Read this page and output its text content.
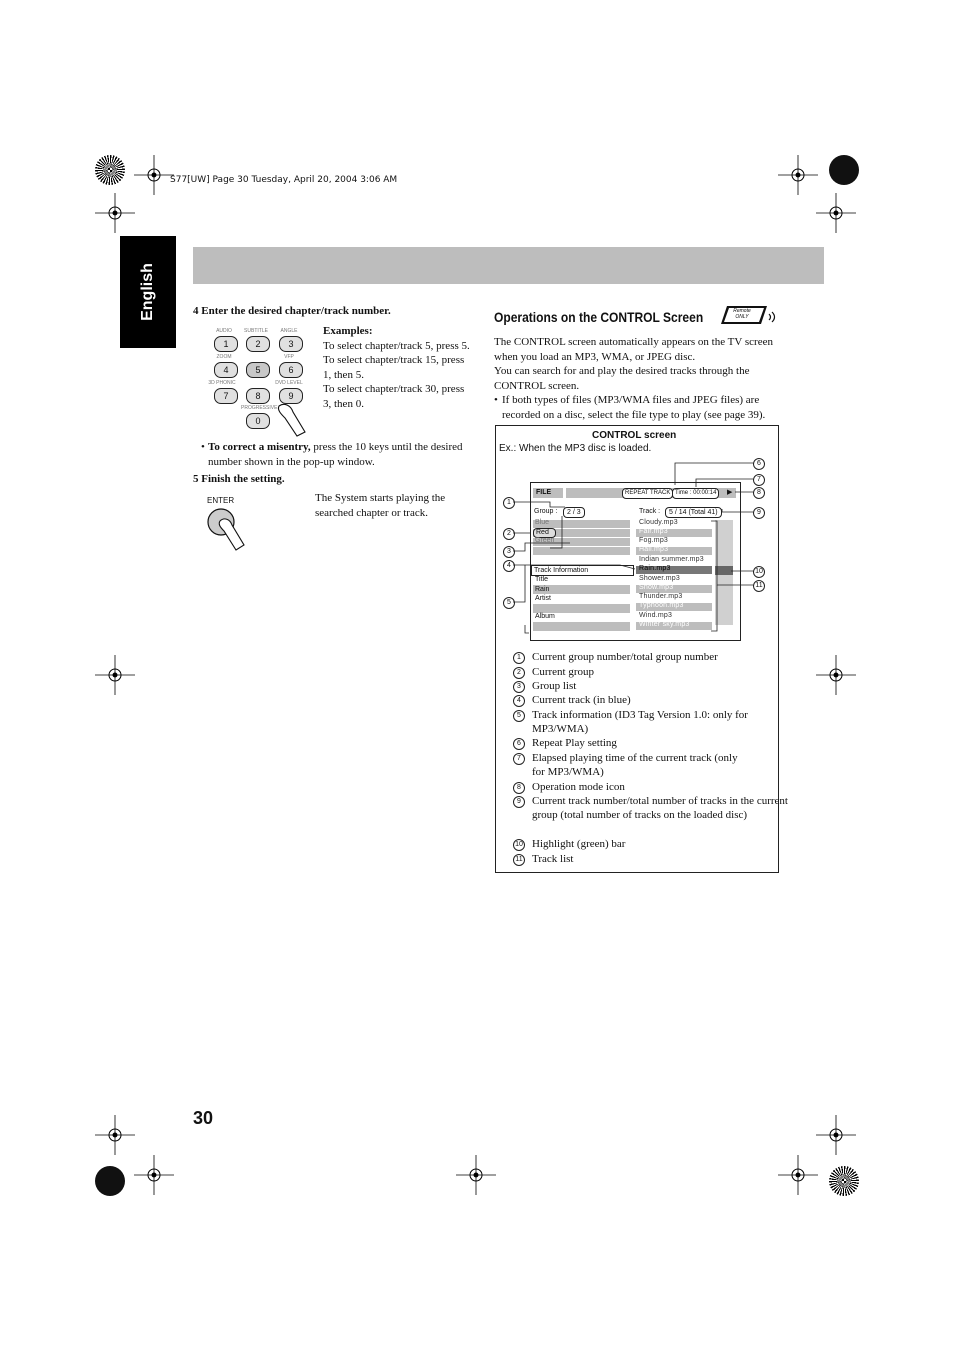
S77[UW] Page 30 Tuesday, April 20, 2004 3:06 AM
English	4 Enter the desired chapter/track number.
AUDIO	SUBTITLE	ANGLE
1	2	3
ZOOM	VFP
4	5	6
3D PHONIC	DVD LEVEL
7	8	9
PROGRESSIVE
0
Examples:
To select chapter/track 5, press 5.
To select chapter/track 15, press 1, then 5.
To select chapter/track 30, press 3, then 0.
• To correct a misentry, press the 10 keys until the desired number shown in the pop-up window.
5 Finish the setting.
ENTER	The System starts playing the searched chapter or track.
Operations on the CONTROL Screen	Remote ONLY
The CONTROL screen automatically appears on the TV screen when you load an MP3, WMA, or JPEG disc.
You can search for and play the desired tracks through the CONTROL screen.
• If both types of files (MP3/WMA files and JPEG files) are recorded on a disc, select the file type to play (see page 39).
CONTROL screen
Ex.: When the MP3 disc is loaded.
FILE	REPEAT TRACK Time : 00:00:14	▶
Group :	2 / 3
Blue
Red
Green
Track Information
Title
Rain
Artist
Album
Track :	5 / 14 (Total 41)
Cloudy.mp3
Fair.mp3
Fog.mp3
Hail.mp3
Indian summer.mp3
Rain.mp3
Shower.mp3
Snow.mp3
Thunder.mp3
Typhoon.mp3
Wind.mp3
Winter sky.mp3
1
2
3
4
5
6
7
8
9
10
11
1 Current group number/total group number
2 Current group
3 Group list
4 Current track (in blue)
5 Track information (ID3 Tag Version 1.0: only for MP3/WMA)
6 Repeat Play setting
7 Elapsed playing time of the current track (only for MP3/WMA)
8 Operation mode icon
9 Current track number/total number of tracks in the current group (total number of tracks on the loaded disc)
10 Highlight (green) bar
11 Track list
30
